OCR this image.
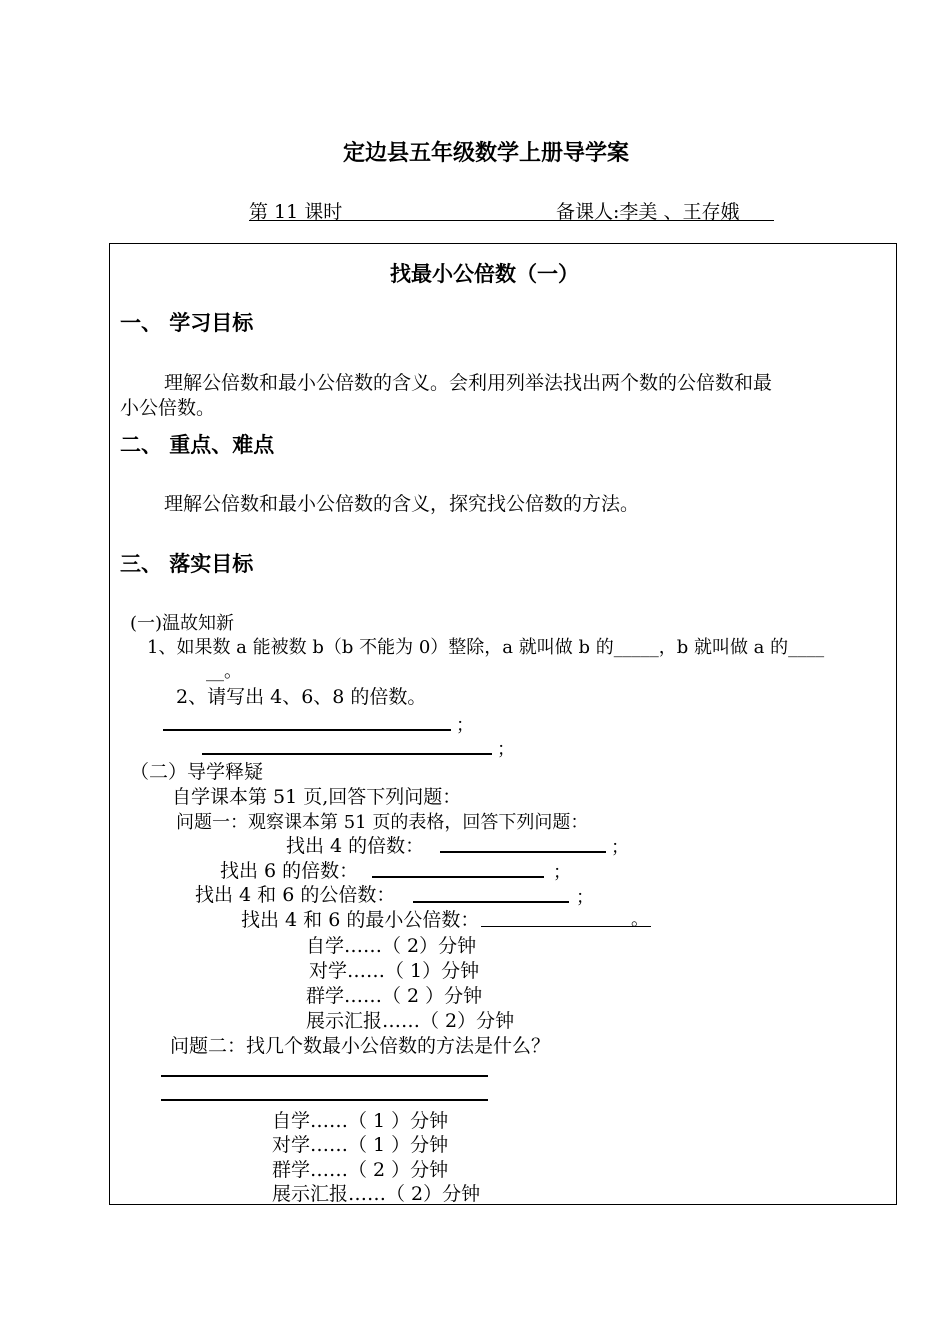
定边县五年级数学上册导学案
第 11 课时	备课人:李美 、王存娥
找最小公倍数（一）
一、 学习目标
理解公倍数和最小公倍数的含义。会利用列举法找出两个数的公倍数和最
小公倍数。
二、 重点、难点
理解公倍数和最小公倍数的含义，探究找公倍数的方法。
三、 落实目标
(一)温故知新
1、如果数 a 能被数 b（b 不能为 0）整除，a 就叫做 b 的_____，b 就叫做 a 的____
__。
2、请写出 4、6、8 的倍数。
；
；
（二）导学释疑
自学课本第 51 页,回答下列问题：
问题一：观察课本第 51 页的表格，回答下列问题：
找出 4 的倍数：	；
找出 6 的倍数：	；
找出 4 和 6 的公倍数：	；
找出 4 和 6 的最小公倍数：	。
自学……（ 2）分钟
对学……（ 1）分钟
群学……（ 2 ）分钟
展示汇报……（ 2）分钟
问题二：找几个数最小公倍数的方法是什么？
自学……（ 1 ）分钟
对学……（ 1 ）分钟
群学……（ 2 ）分钟
展示汇报……（ 2）分钟
